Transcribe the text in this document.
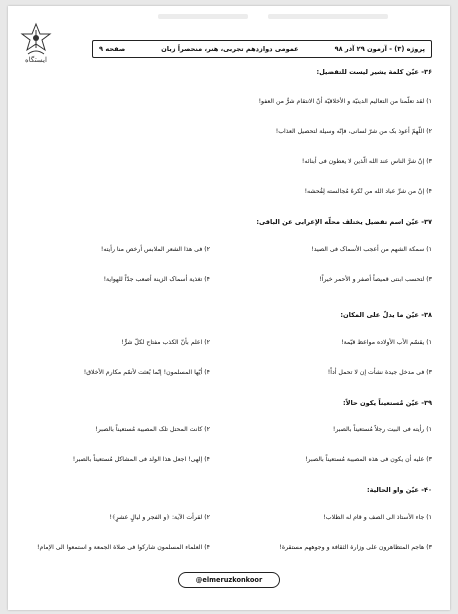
ایستگاه
پروژه (۳) - آزمون ۲۹ آذر ۹۸
عمومی دوازدهم تجربی، هنر، منحصراً زبان
صفحه ۹
۳۶- عیّن کلمة یشیر لیست للتفضیل:
۱) لقد تعلّمنا من التعالیم الدینیّة و الأخلاقیّة أنّ الانتقام شرٌّ من العفو!
۲) اللّهمّ أعوذ بک من شرّ لسانی، فإنّه وسیلة لتحصیل العذاب!
۳) إنّ شرَّ الناس عند الله الّذین لا یعطون فی أبنائه!
۴) إنّ من شرِّ عباد الله من تُکرهُ مُجالسته لِفُحشه!
۳۷- عیّن اسم تفضیل یختلف محلّه الإعرابی عن الباقی:
۱) سمکة الشهم من أعجب الأسماک فی الصید!
۲) فی هذا الشعر الملابس أرخص منا رأیته!
۳) لتحسب ابنتی قمیصاً أصفر و الأحمر خیراً!
۴) تغذیة أسماک الزینة أصعب جدّاً للهوایة!
۳۸- عیّن ما یدلّ علی المکان:
۱) یقسّم الأب الأولاده مواعظ قیّمة!
۲) اعلم بأنّ الکذب مفتاح لکلّ شرٍّ!
۳) فی مدخل جیدة نشأت إن لا تحمل أداً!
۴) أیّها المسلمون! إنّما بُعثت لأتمّم مکارم الأخلاق!
۳۹- عیّن مُستعیناً یکون حالاً:
۱) رأیته فی البیت رجلاً مُستعیناً بالصبر!
۲) کانت المحتل تلک المصیبة مُستعیناً بالصبر!
۳) علیه أن یکون فی هذه المصیبة مُستعیناً بالصبر!
۴) إلهی! اجعل هذا الولد فی المشاکل مُستعیناً بالصبر!
۴۰- عیّن واو الحالیة:
۱) جاء الأستاذ الی الصف و قام له الطلاب!
۲) لقرأت الآیة: ﴿و الفجر و لیالٍ عشرٍ﴾!
۳) هاجم المتظاهرون علی وزارة الثقافة و وجوههم مستقرة!
۴) العلماء المسلمون شارکوا فی صلاة الجمعة و استمعوا الی الإمام!
@elmeruzkonkoor
